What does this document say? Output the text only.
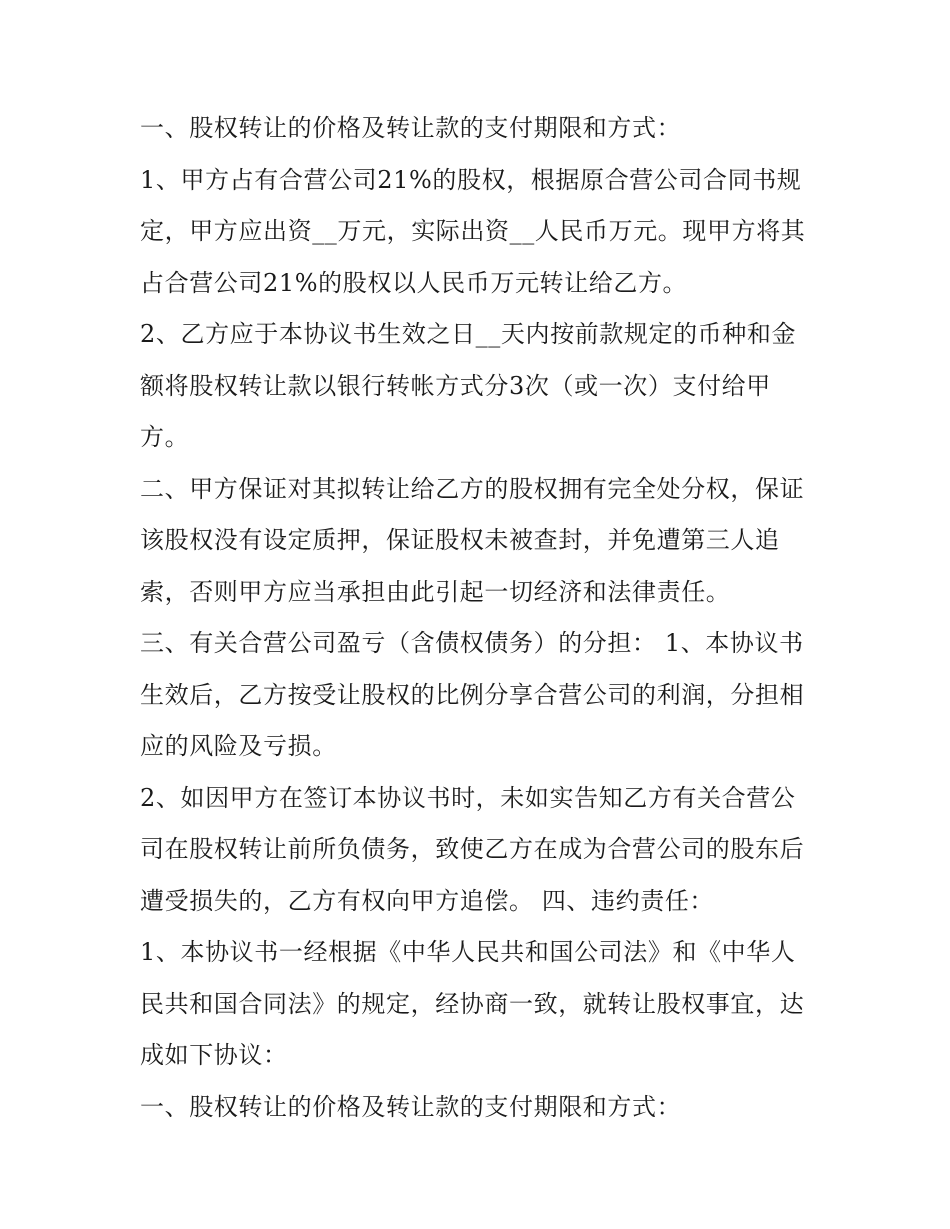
一、股权转让的价格及转让款的支付期限和方式：

1、甲方占有合营公司21%的股权，根据原合营公司合同书规定，甲方应出资__万元，实际出资__人民币万元。现甲方将其占合营公司21%的股权以人民币万元转让给乙方。

2、乙方应于本协议书生效之日__天内按前款规定的币种和金额将股权转让款以银行转帐方式分3次（或一次）支付给甲方。

二、甲方保证对其拟转让给乙方的股权拥有完全处分权，保证该股权没有设定质押，保证股权未被查封，并免遭第三人追索，否则甲方应当承担由此引起一切经济和法律责任。

三、有关合营公司盈亏（含债权债务）的分担： 1、本协议书生效后，乙方按受让股权的比例分享合营公司的利润，分担相应的风险及亏损。

2、如因甲方在签订本协议书时，未如实告知乙方有关合营公司在股权转让前所负债务，致使乙方在成为合营公司的股东后遭受损失的，乙方有权向甲方追偿。 四、违约责任：

1、本协议书一经根据《中华人民共和国公司法》和《中华人民共和国合同法》的规定，经协商一致，就转让股权事宜，达成如下协议：

一、股权转让的价格及转让款的支付期限和方式：
